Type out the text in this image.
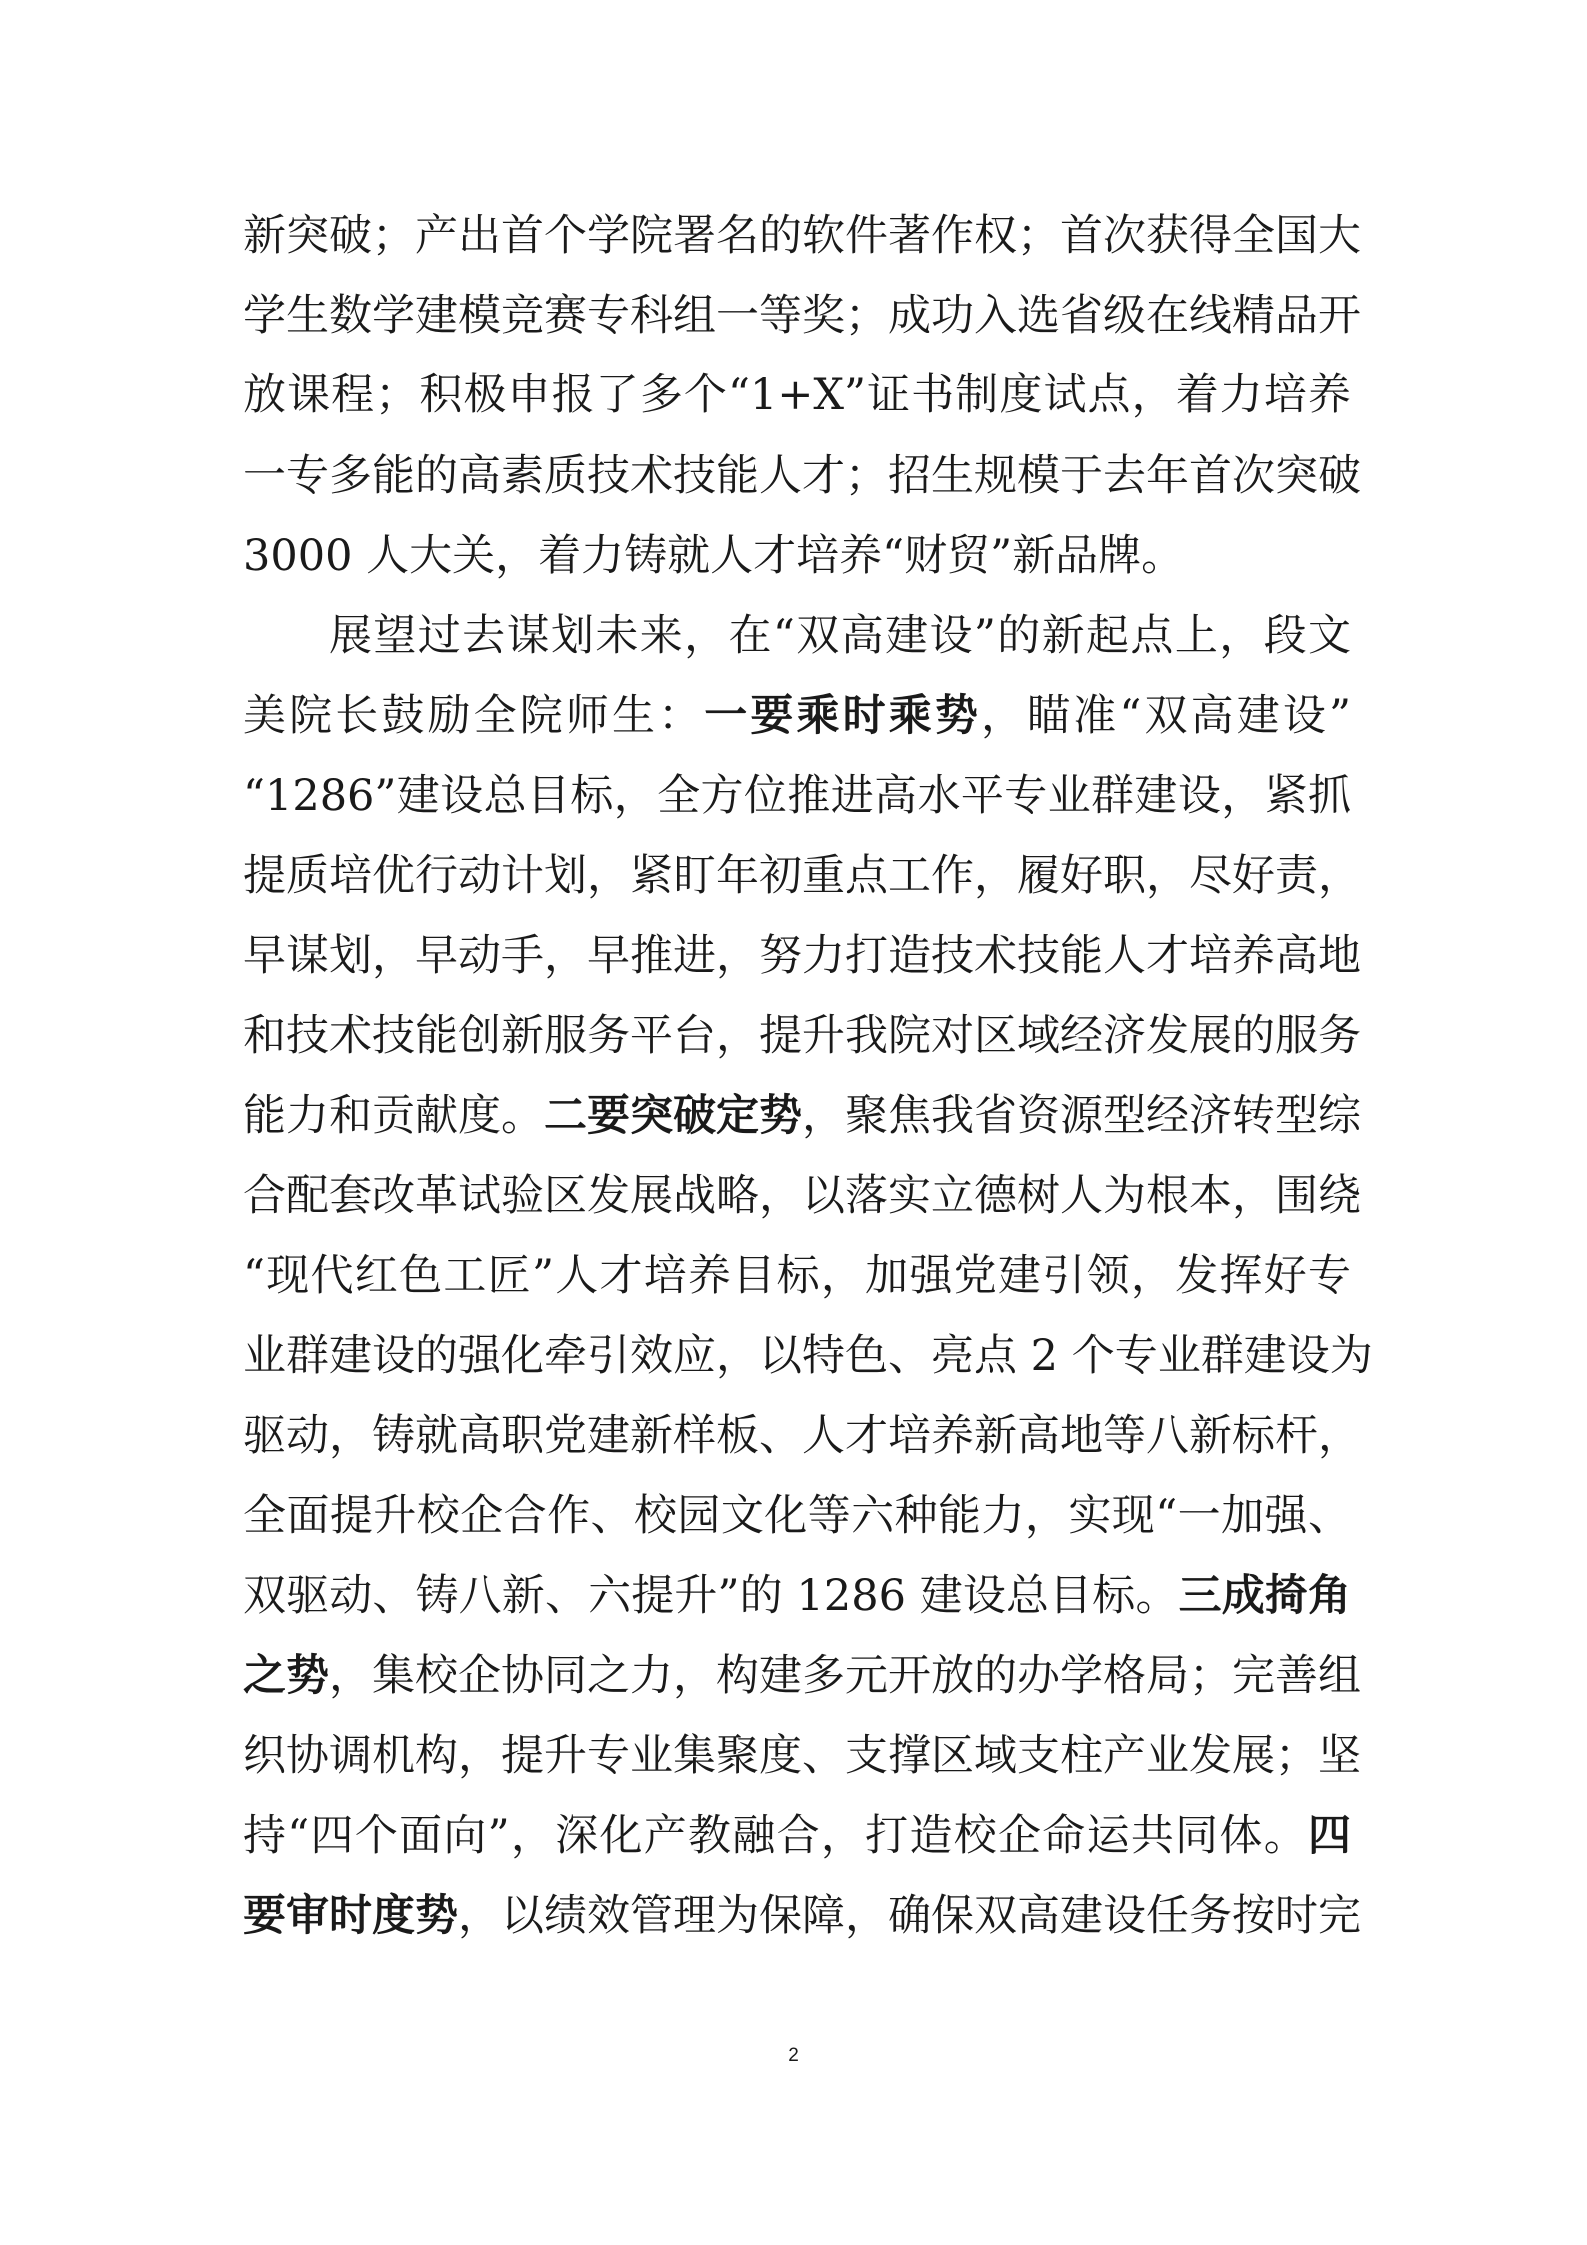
新突破；产出首个学院署名的软件著作权；首次获得全国大
学生数学建模竞赛专科组一等奖；成功入选省级在线精品开
放课程；积极申报了多个“1+X”证书制度试点，着力培养
一专多能的高素质技术技能人才；招生规模于去年首次突破
3000 人大关，着力铸就人才培养“财贸”新品牌。
展望过去谋划未来，在“双高建设”的新起点上，段文
美院长鼓励全院师生：一要乘时乘势，瞄准“双高建设”
“1286”建设总目标，全方位推进高水平专业群建设，紧抓
提质培优行动计划，紧盯年初重点工作，履好职，尽好责，
早谋划，早动手，早推进，努力打造技术技能人才培养高地
和技术技能创新服务平台，提升我院对区域经济发展的服务
能力和贡献度。二要突破定势，聚焦我省资源型经济转型综
合配套改革试验区发展战略，以落实立德树人为根本，围绕
“现代红色工匠”人才培养目标，加强党建引领，发挥好专
业群建设的强化牵引效应，以特色、亮点 2 个专业群建设为
驱动，铸就高职党建新样板、人才培养新高地等八新标杆，
全面提升校企合作、校园文化等六种能力，实现“一加强、
双驱动、铸八新、六提升”的 1286 建设总目标。三成掎角
之势，集校企协同之力，构建多元开放的办学格局；完善组
织协调机构，提升专业集聚度、支撑区域支柱产业发展；坚
持“四个面向”，深化产教融合，打造校企命运共同体。四
要审时度势，以绩效管理为保障，确保双高建设任务按时完
2
